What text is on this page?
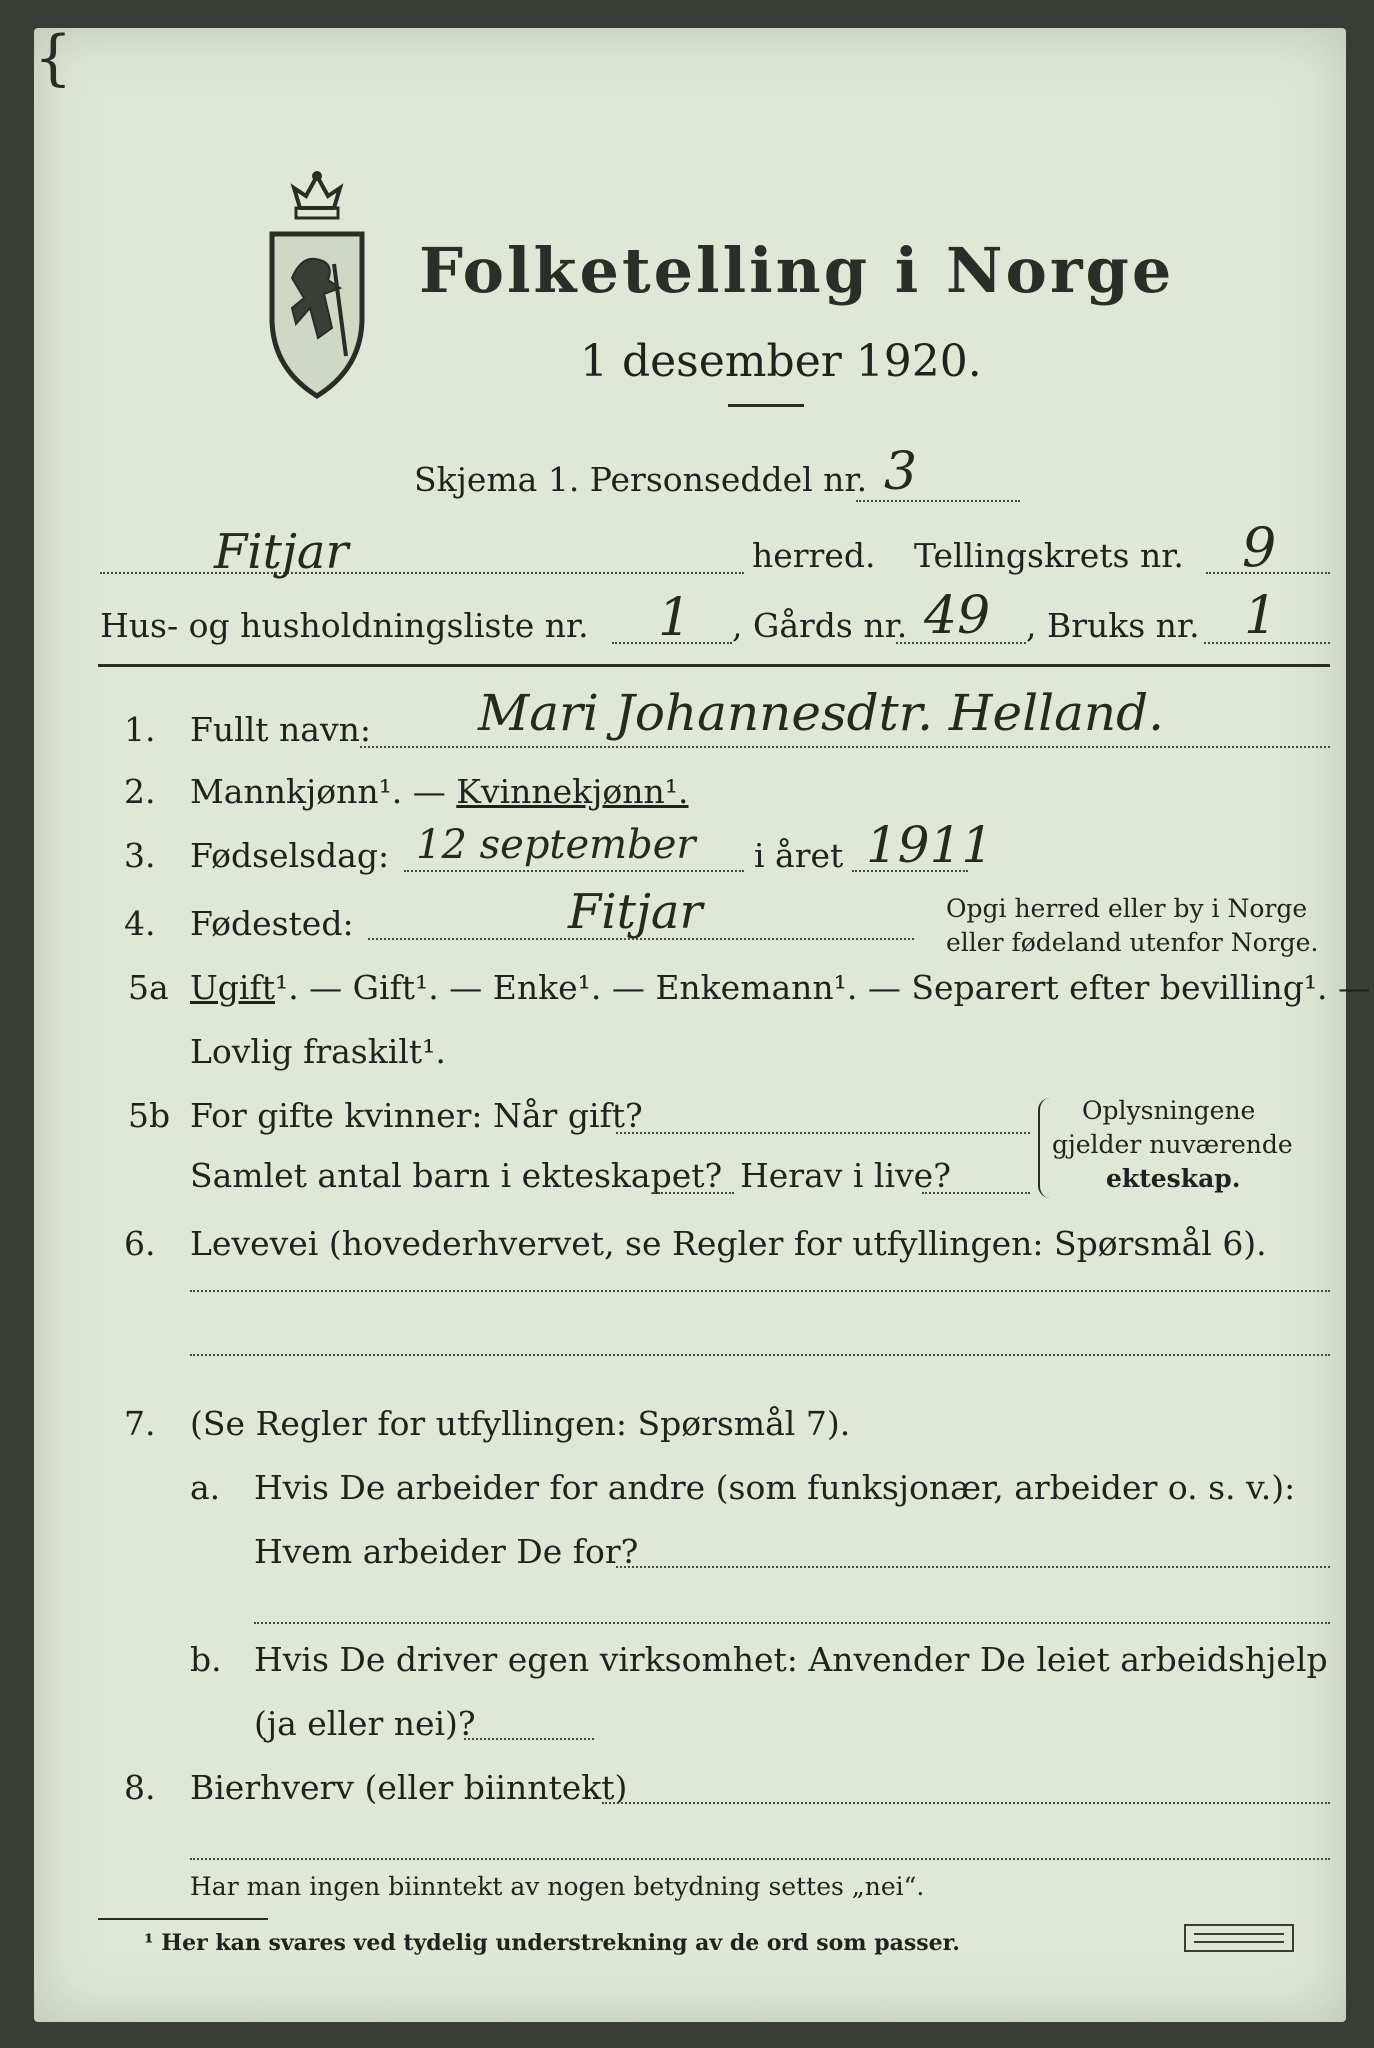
Folketelling i Norge
1 desember 1920.
Skjema 1. Personseddel nr. 3
Fitjar	herred. Tellingskrets nr. 9
Hus- og husholdningsliste nr. 1 , Gårds nr. 49 , Bruks nr. 1
1. Fullt navn: Mari Johannesdtr. Helland.
2. Mannkjønn¹. — Kvinnekjønn¹.
3. Fødselsdag: 12 september i året 1911
4. Fødested:	Fitjar
{
Opgi herred eller by i Norge
eller fødeland utenfor Norge.
5a Ugift¹. — Gift¹. — Enke¹. — Enkemann¹. — Separert efter bevilling¹. —
Lovlig fraskilt¹.
5b For gifte kvinner: Når gift?
Samlet antal barn i ekteskapet? Herav i live?
Oplysningene
gjelder nuværende
ekteskap.
6. Levevei (hovederhvervet, se Regler for utfyllingen: Spørsmål 6).
7. (Se Regler for utfyllingen: Spørsmål 7).
a. Hvis De arbeider for andre (som funksjonær, arbeider o. s. v.):
Hvem arbeider De for?
b. Hvis De driver egen virksomhet: Anvender De leiet arbeidshjelp
(ja eller nei)?
8. Bierhverv (eller biinntekt)
Har man ingen biinntekt av nogen betydning settes „nei“.
¹ Her kan svares ved tydelig understrekning av de ord som passer.
